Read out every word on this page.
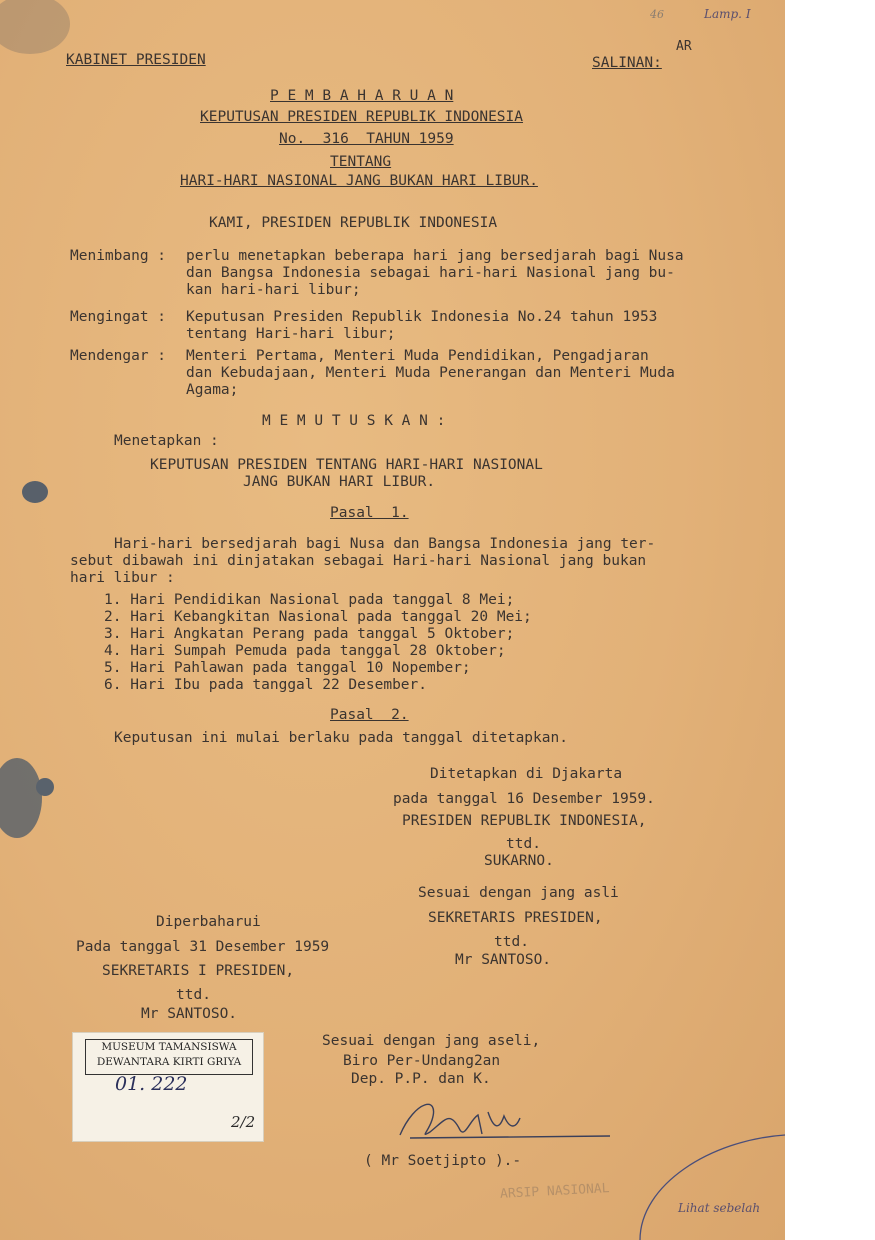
KABINET PRESIDEN	SALINAN:
AR
Lamp. I
46
P E M B A H A R U A N
KEPUTUSAN PRESIDEN REPUBLIK INDONESIA
No.  316  TAHUN 1959
TENTANG
HARI-HARI NASIONAL JANG BUKAN HARI LIBUR.
KAMI, PRESIDEN REPUBLIK INDONESIA
Menimbang : perlu menetapkan beberapa hari jang bersedjarah bagi Nusa
dan Bangsa Indonesia sebagai hari-hari Nasional jang bu-
kan hari-hari libur;
Mengingat : Keputusan Presiden Republik Indonesia No.24 tahun 1953
tentang Hari-hari libur;
Mendengar : Menteri Pertama, Menteri Muda Pendidikan, Pengadjaran
dan Kebudajaan, Menteri Muda Penerangan dan Menteri Muda
Agama;
M E M U T U S K A N :
Menetapkan :
KEPUTUSAN PRESIDEN TENTANG HARI-HARI NASIONAL
JANG BUKAN HARI LIBUR.
Pasal  1.
Hari-hari bersedjarah bagi Nusa dan Bangsa Indonesia jang ter-
sebut dibawah ini dinjatakan sebagai Hari-hari Nasional jang bukan
hari libur :
1. Hari Pendidikan Nasional pada tanggal 8 Mei;
2. Hari Kebangkitan Nasional pada tanggal 20 Mei;
3. Hari Angkatan Perang pada tanggal 5 Oktober;
4. Hari Sumpah Pemuda pada tanggal 28 Oktober;
5. Hari Pahlawan pada tanggal 10 Nopember;
6. Hari Ibu pada tanggal 22 Desember.
Pasal  2.
Keputusan ini mulai berlaku pada tanggal ditetapkan.
Ditetapkan di Djakarta
pada tanggal 16 Desember 1959.
PRESIDEN REPUBLIK INDONESIA,
ttd.
SUKARNO.
Sesuai dengan jang asli
SEKRETARIS PRESIDEN,
ttd.
Mr SANTOSO.
Diperbaharui
Pada tanggal 31 Desember 1959
SEKRETARIS I PRESIDEN,
ttd.
Mr SANTOSO.
Sesuai dengan jang aseli,
Biro Per-Undang2an
Dep. P.P. dan K.
( Mr Soetjipto ).-
ARSIP NASIONAL
MUSEUM TAMANSISWA
DEWANTARA KIRTI GRIYA
01. 222
2/2
Lihat sebelah
